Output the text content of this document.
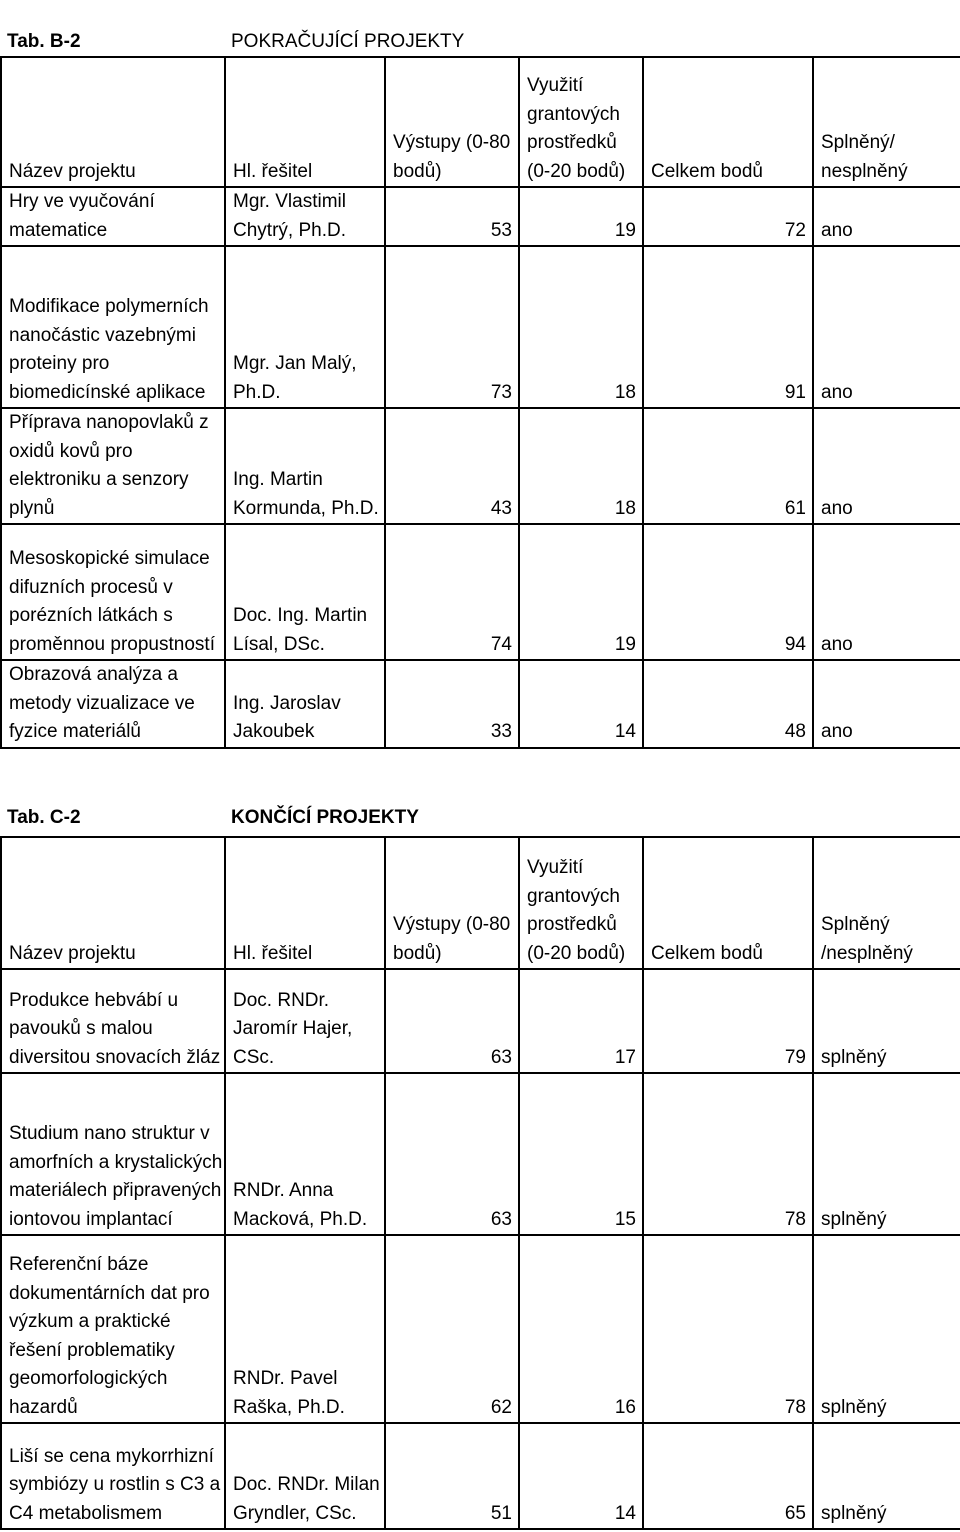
Tab. B-2	POKRAČUJÍCÍ PROJEKTY			
Název projektu	Hl. řešitel	Výstupy (0-80 bodů)	Využití grantových prostředků (0-20 bodů)	Celkem bodů	Splněný/ nesplněný
Hry ve vyučování matematice	Mgr. Vlastimil Chytrý, Ph.D.	53	19	72	ano
Modifikace polymerních nanočástic vazebnými proteiny pro biomedicínské aplikace	Mgr. Jan Malý, Ph.D.	73	18	91	ano
Příprava nanopovlaků z oxidů kovů pro elektroniku a senzory plynů	Ing. Martin Kormunda, Ph.D.	43	18	61	ano
Mesoskopické simulace difuzních procesů v porézních látkách s proměnnou propustností	Doc. Ing. Martin Lísal, DSc.	74	19	94	ano
Obrazová analýza a metody vizualizace ve fyzice materiálů	Ing. Jaroslav Jakoubek	33	14	48	ano
Tab. C-2	KONČÍCÍ PROJEKTY			
Název projektu	Hl. řešitel	Výstupy (0-80 bodů)	Využití grantových prostředků (0-20 bodů)	Celkem bodů	Splněný /nesplněný
Produkce hebvábí u pavouků s malou diversitou snovacích žláz	Doc. RNDr. Jaromír Hajer, CSc.	63	17	79	splněný
Studium nano struktur v amorfních a krystalických materiálech připravených iontovou implantací	RNDr. Anna Macková, Ph.D.	63	15	78	splněný
Referenční báze dokumentárních dat pro výzkum a praktické řešení problematiky geomorfologických hazardů	RNDr. Pavel Raška, Ph.D.	62	16	78	splněný
Liší se cena mykorrhizní symbiózy u rostlin s C3 a C4 metabolismem	Doc. RNDr. Milan Gryndler, CSc.	51	14	65	splněný
